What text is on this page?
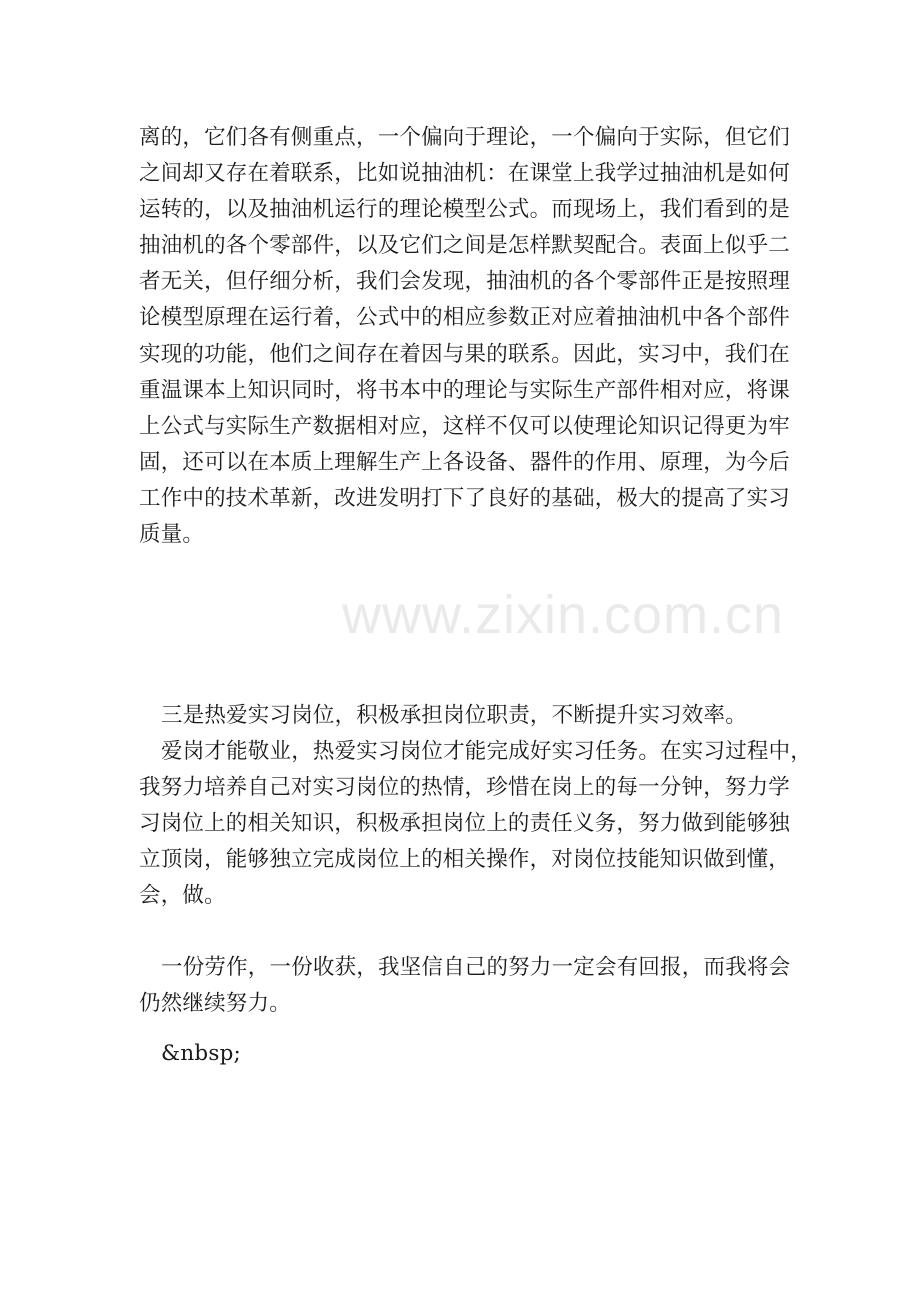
www.zixin.com.cn
离的，它们各有侧重点，一个偏向于理论，一个偏向于实际，但它们
之间却又存在着联系，比如说抽油机：在课堂上我学过抽油机是如何
运转的，以及抽油机运行的理论模型公式。而现场上，我们看到的是
抽油机的各个零部件，以及它们之间是怎样默契配合。表面上似乎二
者无关，但仔细分析，我们会发现，抽油机的各个零部件正是按照理
论模型原理在运行着，公式中的相应参数正对应着抽油机中各个部件
实现的功能，他们之间存在着因与果的联系。因此，实习中，我们在
重温课本上知识同时，将书本中的理论与实际生产部件相对应，将课
上公式与实际生产数据相对应，这样不仅可以使理论知识记得更为牢
固，还可以在本质上理解生产上各设备、器件的作用、原理，为今后
工作中的技术革新，改进发明打下了良好的基础，极大的提高了实习
质量。
三是热爱实习岗位，积极承担岗位职责，不断提升实习效率。
爱岗才能敬业，热爱实习岗位才能完成好实习任务。在实习过程中，
我努力培养自己对实习岗位的热情，珍惜在岗上的每一分钟，努力学
习岗位上的相关知识，积极承担岗位上的责任义务，努力做到能够独
立顶岗，能够独立完成岗位上的相关操作，对岗位技能知识做到懂，
会，做。
一份劳作，一份收获，我坚信自己的努力一定会有回报，而我将会
仍然继续努力。
&nbsp;
